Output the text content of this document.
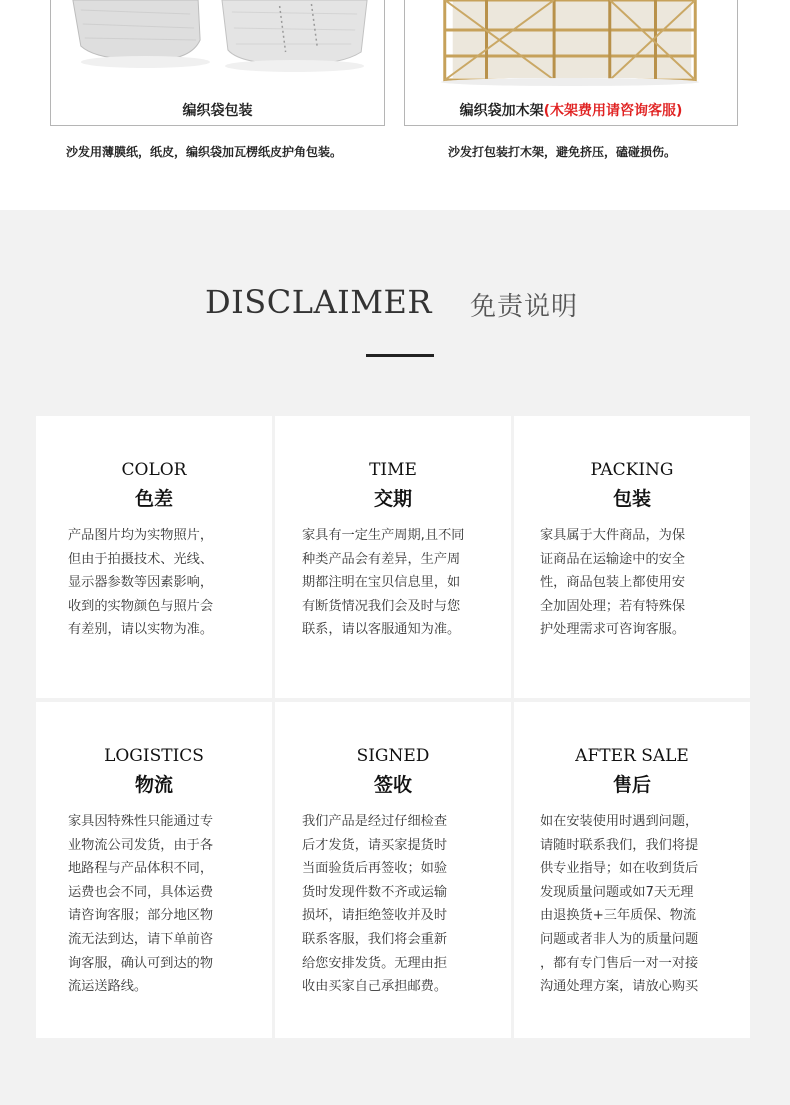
编织袋包装	编织袋加木架(木架费用请咨询客服)
沙发用薄膜纸，纸皮，编织袋加瓦楞纸皮护角包装。	沙发打包装打木架，避免挤压，磕碰损伤。
DISCLAIMER 免责说明
COLOR
色差
产品图片均为实物照片，
但由于拍摄技术、光线、
显示器参数等因素影响，
收到的实物颜色与照片会
有差别，请以实物为准。
TIME
交期
家具有一定生产周期,且不同
种类产品会有差异，生产周
期都注明在宝贝信息里，如
有断货情况我们会及时与您
联系，请以客服通知为准。
PACKING
包装
家具属于大件商品，为保
证商品在运输途中的安全
性，商品包装上都使用安
全加固处理；若有特殊保
护处理需求可咨询客服。
LOGISTICS
物流
家具因特殊性只能通过专
业物流公司发货，由于各
地路程与产品体积不同，
运费也会不同，具体运费
请咨询客服；部分地区物
流无法到达，请下单前咨
询客服，确认可到达的物
流运送路线。
SIGNED
签收
我们产品是经过仔细检查
后才发货，请买家提货时
当面验货后再签收；如验
货时发现件数不齐或运输
损坏，请拒绝签收并及时
联系客服，我们将会重新
给您安排发货。无理由拒
收由买家自己承担邮费。
AFTER SALE
售后
如在安装使用时遇到问题，
请随时联系我们，我们将提
供专业指导；如在收到货后
发现质量问题或如7天无理
由退换货+三年质保、物流
问题或者非人为的质量问题
，都有专门售后一对一对接
沟通处理方案，请放心购买
